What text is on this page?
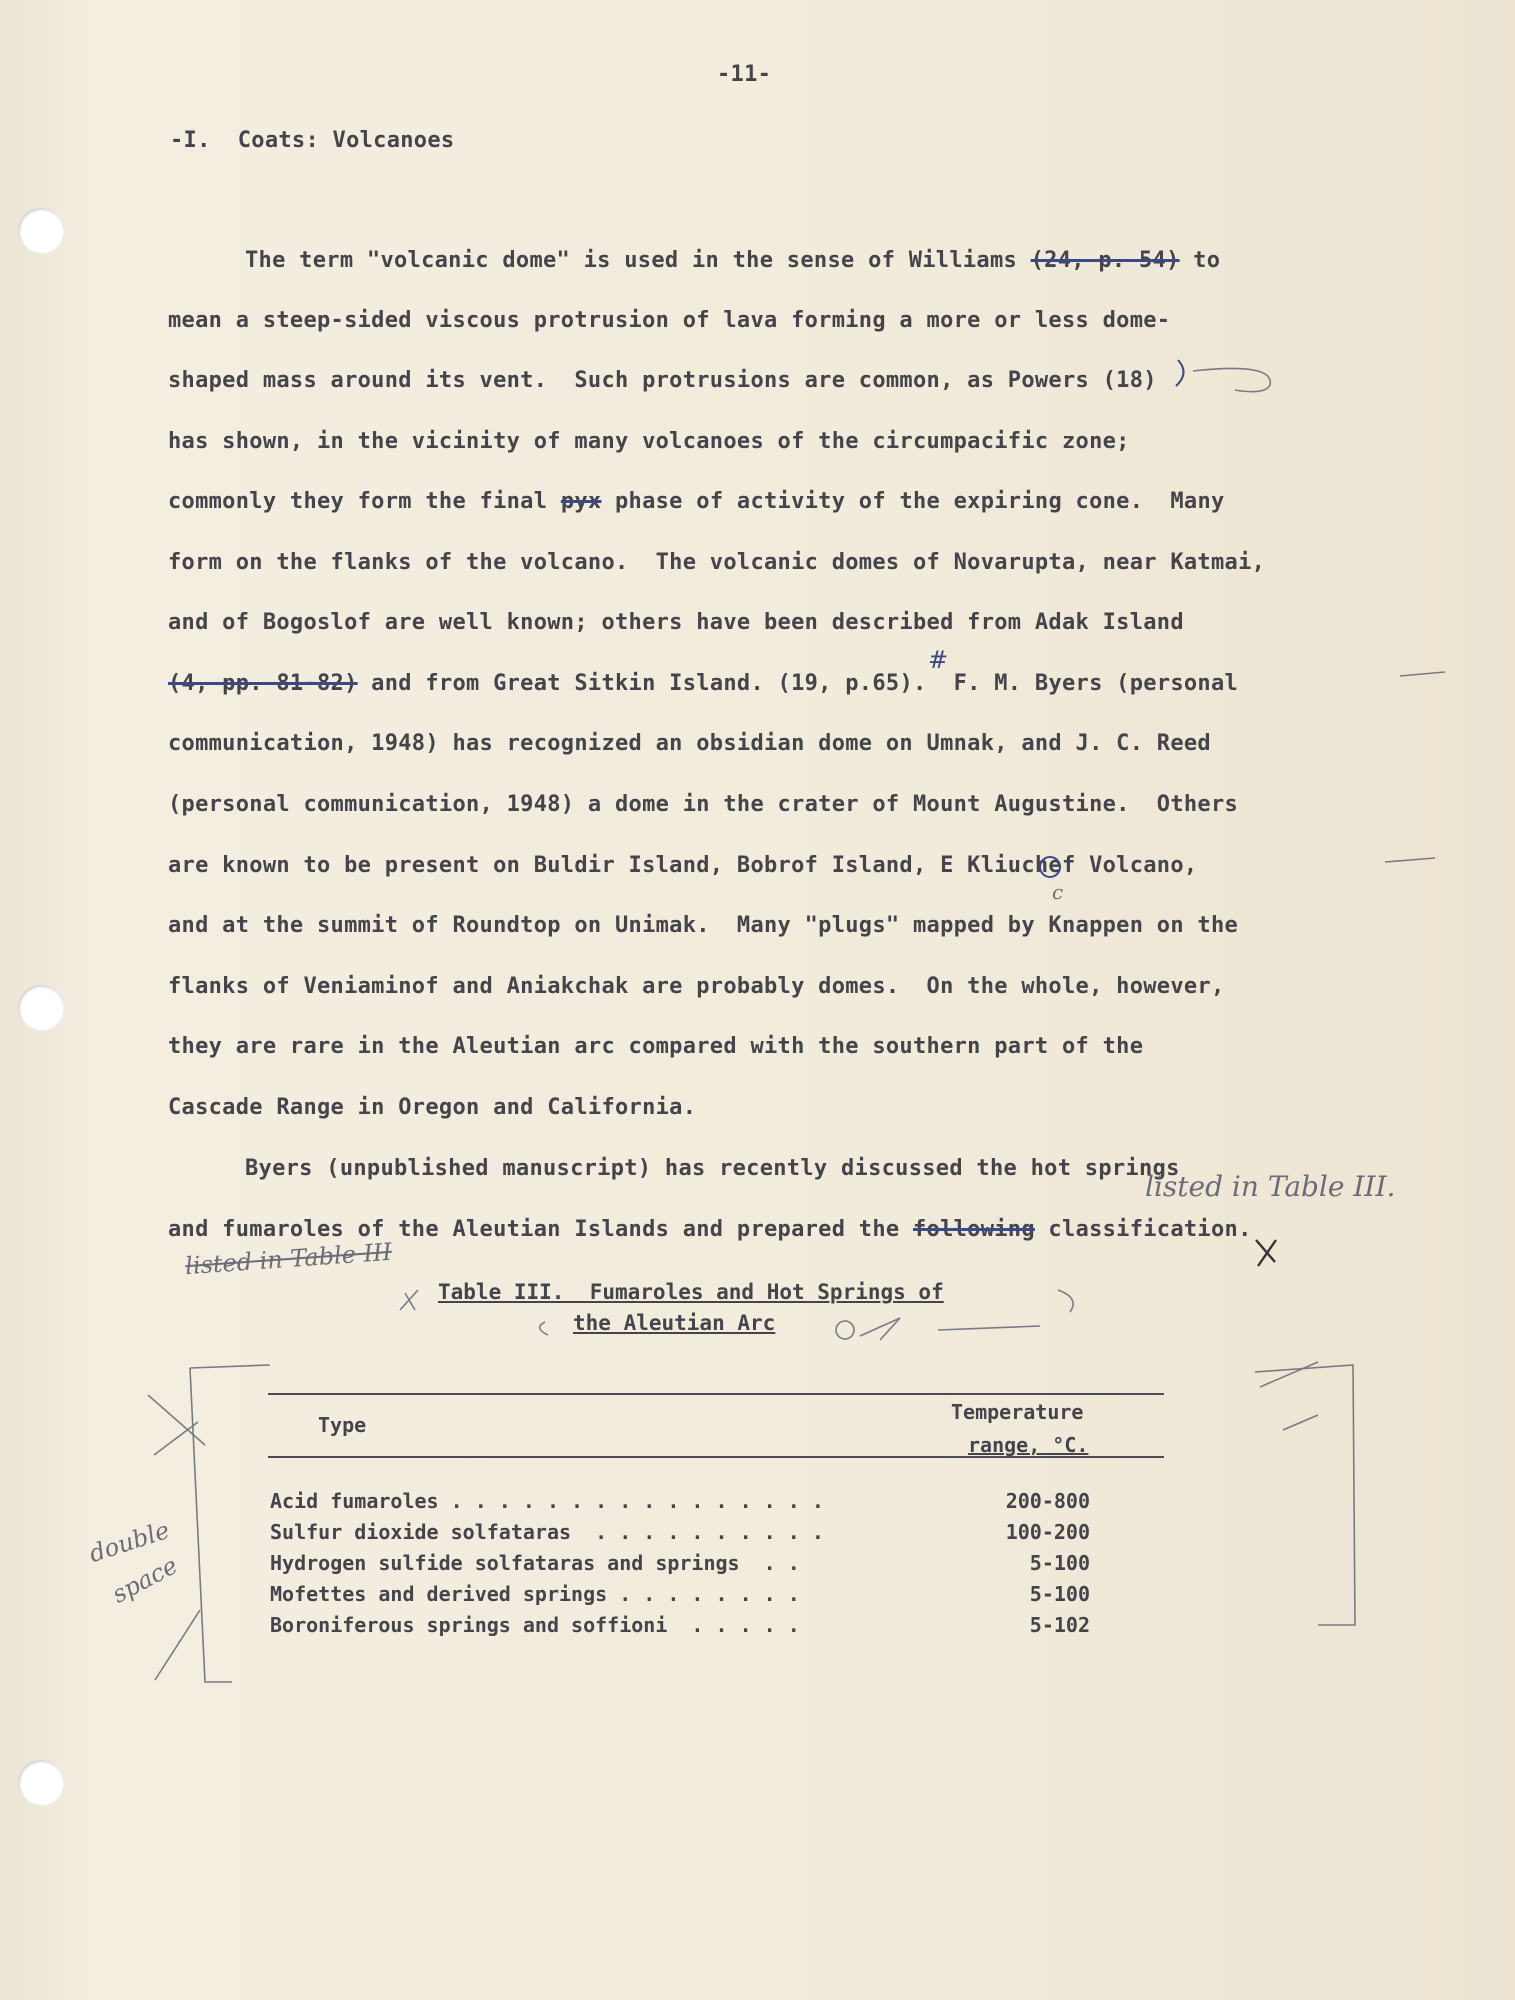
-11-
-I.  Coats: Volcanoes
The term "volcanic dome" is used in the sense of Williams (24, p. 54) to
mean a steep-sided viscous protrusion of lava forming a more or less dome-
shaped mass around its vent.  Such protrusions are common, as Powers (18)
has shown, in the vicinity of many volcanoes of the circumpacific zone;
commonly they form the final pyx phase of activity of the expiring cone.  Many
form on the flanks of the volcano.  The volcanic domes of Novarupta, near Katmai,
and of Bogoslof are well known; others have been described from Adak Island
(4, pp. 81-82) and from Great Sitkin Island. (19, p.65).  F. M. Byers (personal
communication, 1948) has recognized an obsidian dome on Umnak, and J. C. Reed
(personal communication, 1948) a dome in the crater of Mount Augustine.  Others
are known to be present on Buldir Island, Bobrof Island, E Kliuchef Volcano,
and at the summit of Roundtop on Unimak.  Many "plugs" mapped by Knappen on the
flanks of Veniaminof and Aniakchak are probably domes.  On the whole, however,
they are rare in the Aleutian arc compared with the southern part of the
Cascade Range in Oregon and California.
Byers (unpublished manuscript) has recently discussed the hot springs
and fumaroles of the Aleutian Islands and prepared the following classification.
listed in Table III.
listed in Table III
double
space
#
c
Table III.  Fumaroles and Hot Springs of
the Aleutian Arc
Type
Temperature
range, °C.
Acid fumaroles . . . . . . . . . . . . . . . .	200-800
Sulfur dioxide solfataras  . . . . . . . . . .	100-200
Hydrogen sulfide solfataras and springs  . .	5-100
Mofettes and derived springs . . . . . . . .	5-100
Boroniferous springs and soffioni  . . . . .	5-102
